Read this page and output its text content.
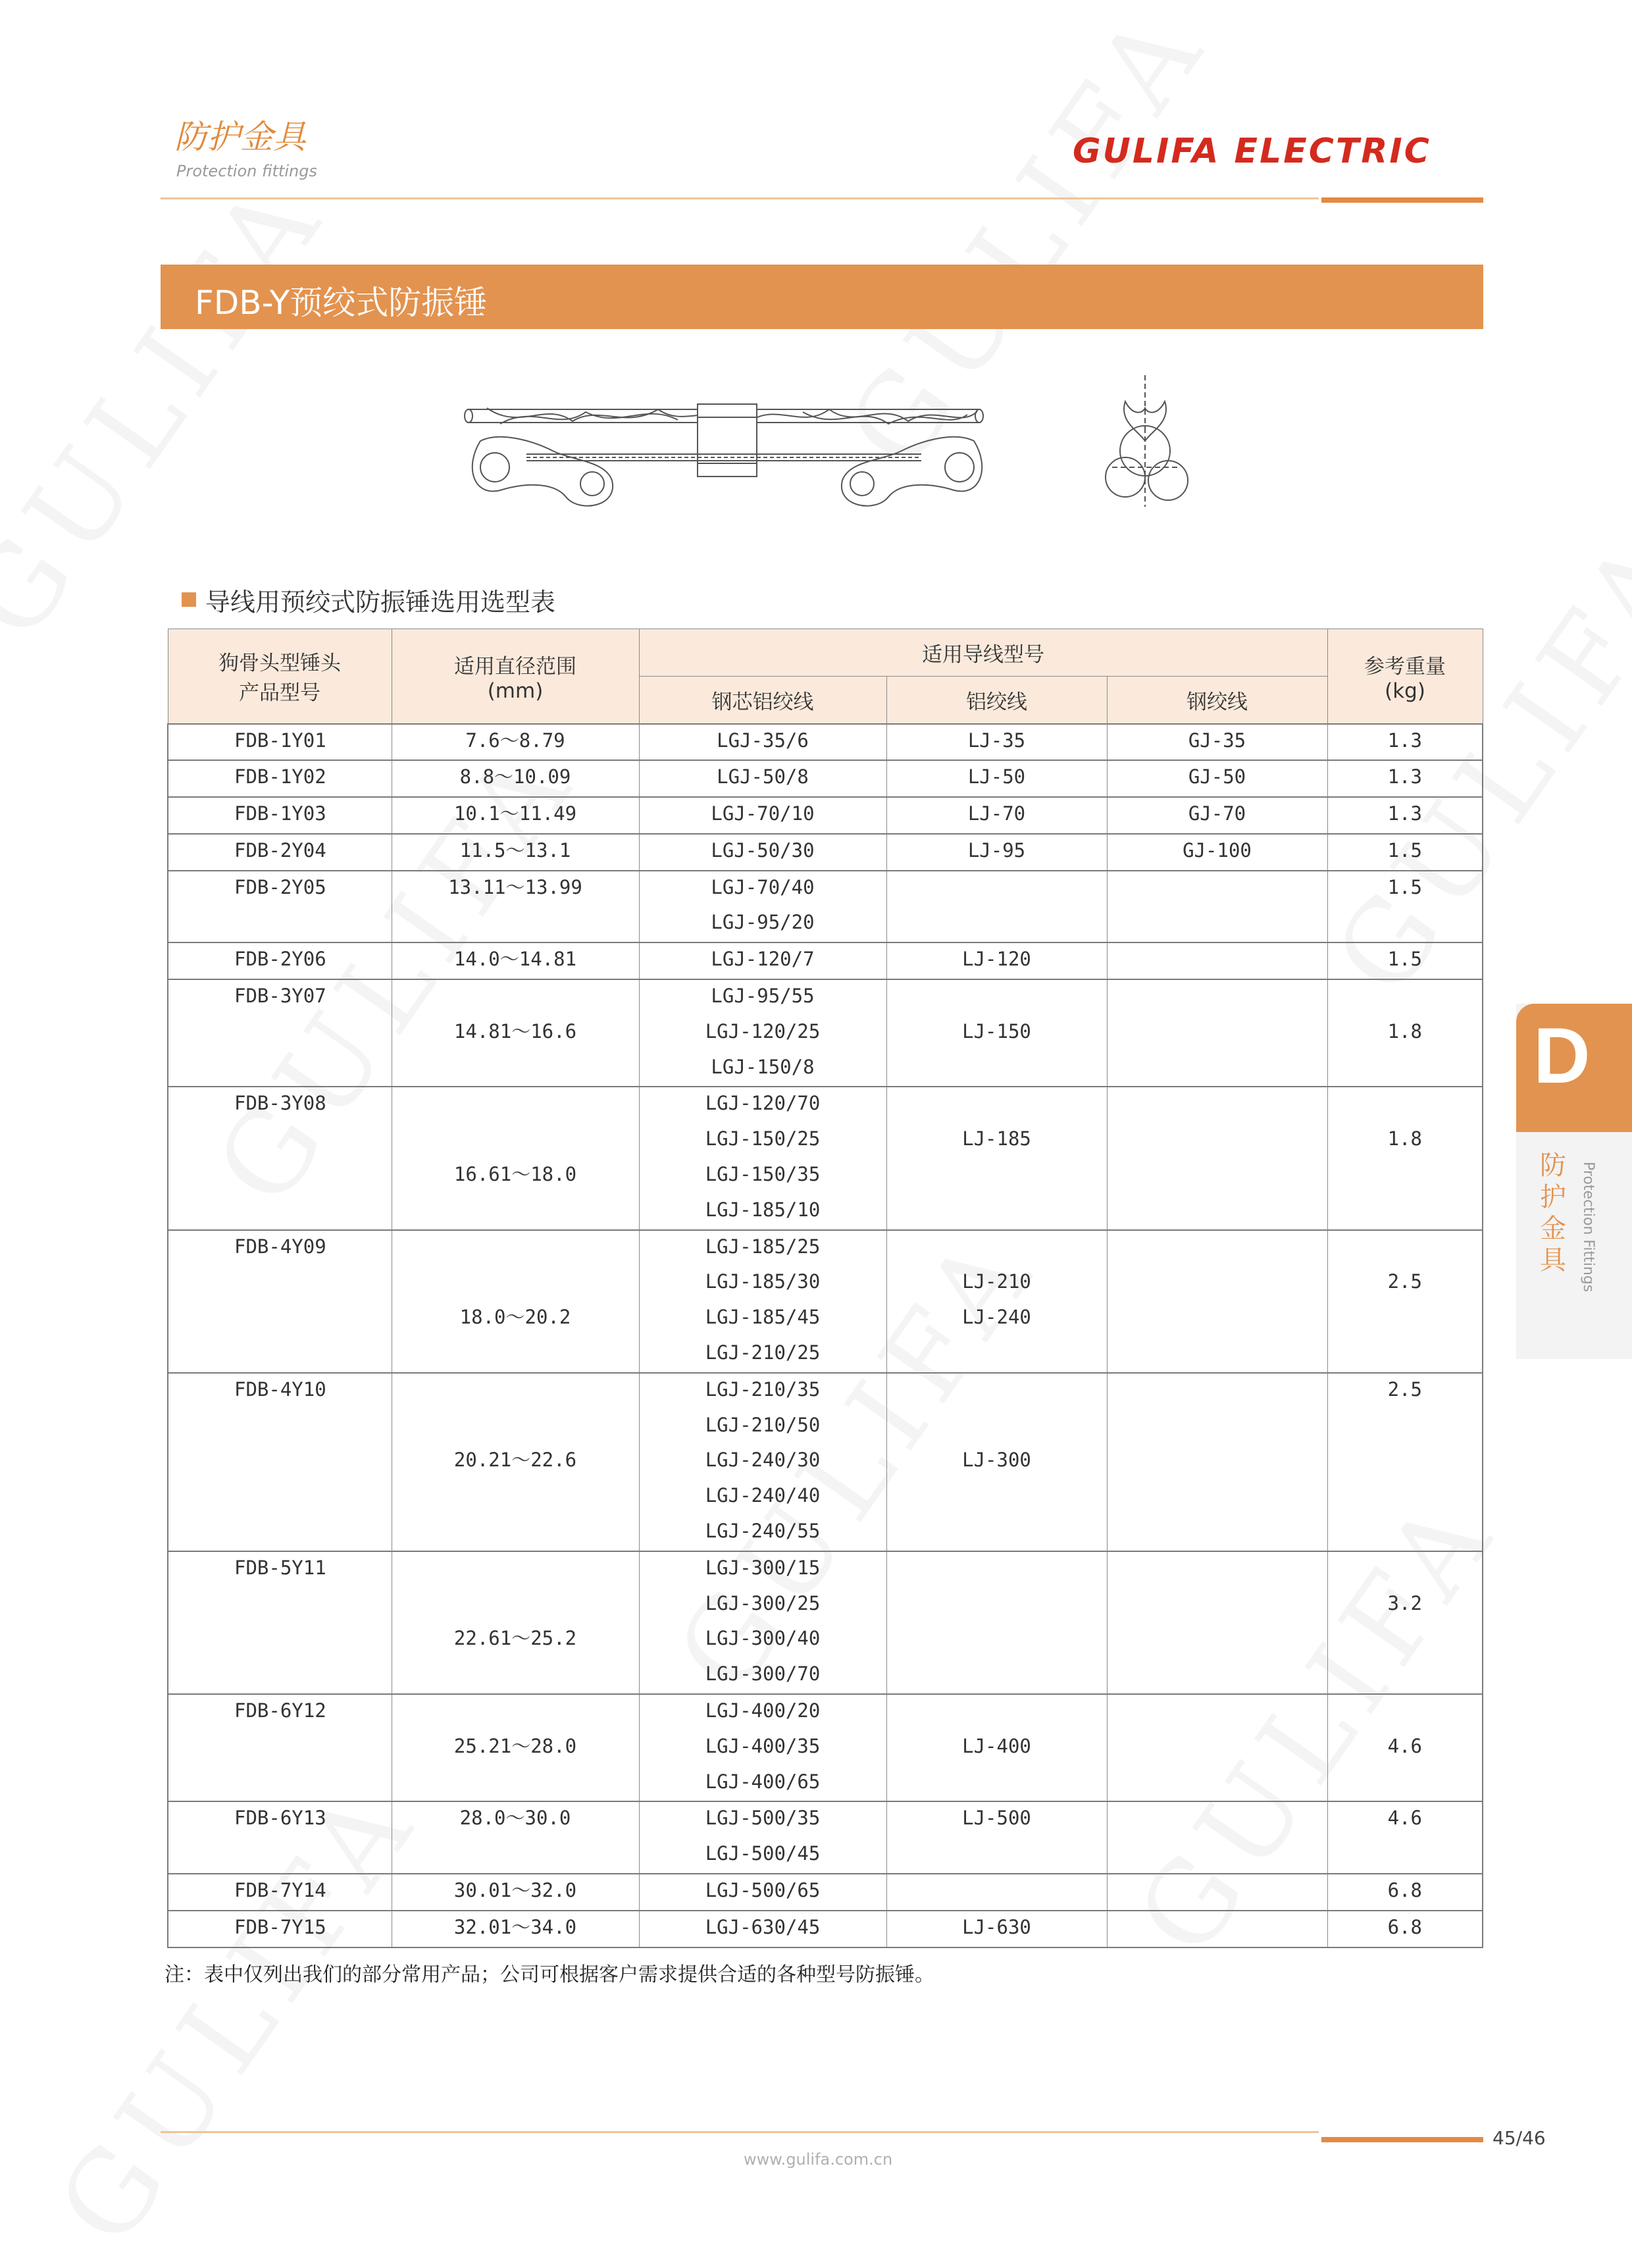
防护金具
Protection fittings	GULIFA ELECTRIC
FDB-Y预绞式防振锤
导线用预绞式防振锤选用选型表
狗骨头型锤头产品型号	适用直径范围(mm)	适用导线型号			参考重量(kg)
		钢芯铝绞线	铝绞线	钢绞线	

FDB-1Y01	7.6～8.79	LGJ-35/6	LJ-35	GJ-35	1.3

FDB-1Y02	8.8～10.09	LGJ-50/8	LJ-50	GJ-50	1.3

FDB-1Y03	10.1～11.49	LGJ-70/10	LJ-70	GJ-70	1.3

FDB-2Y04	11.5～13.1	LGJ-50/30	LJ-95	GJ-100	1.5

FDB-2Y05	13.11～13.99	LGJ-70/40
LGJ-95/20			1.5

FDB-2Y06	14.0～14.81	LGJ-120/7	LJ-120		1.5

FDB-3Y07	14.81～16.6	LGJ-95/55
LGJ-120/25
LGJ-150/8	LJ-150		1.8

FDB-3Y08	16.61～18.0	LGJ-120/70
LGJ-150/25
LGJ-150/35
LGJ-185/10	LJ-185		1.8

FDB-4Y09	18.0～20.2	LGJ-185/25
LGJ-185/30
LGJ-185/45
LGJ-210/25	LJ-210
LJ-240		2.5

FDB-4Y10	20.21～22.6	LGJ-210/35
LGJ-210/50
LGJ-240/30
LGJ-240/40
LGJ-240/55	LJ-300		2.5

FDB-5Y11	22.61～25.2	LGJ-300/15
LGJ-300/25
LGJ-300/40
LGJ-300/70			3.2

FDB-6Y12	25.21～28.0	LGJ-400/20
LGJ-400/35
LGJ-400/65	LJ-400		4.6

FDB-6Y13	28.0～30.0	LGJ-500/35
LGJ-500/45	LJ-500		4.6

FDB-7Y14	30.01～32.0	LGJ-500/65			6.8

FDB-7Y15	32.01～34.0	LGJ-630/45	LJ-630		6.8
注：表中仅列出我们的部分常用产品；公司可根据客户需求提供合适的各种型号防振锤。
D
防护金具 Protection Fittings
45/46
www.gulifa.com.cn
